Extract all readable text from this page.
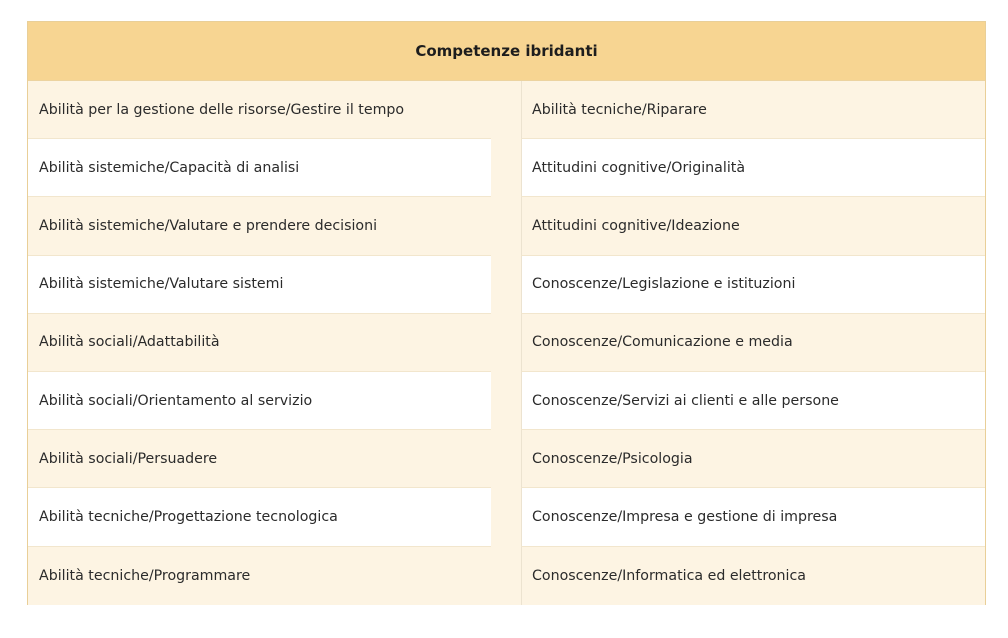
Competenze ibridanti
Abilità per la gestione delle risorse/Gestire il tempo
Abilità sistemiche/Capacità di analisi
Abilità sistemiche/Valutare e prendere decisioni
Abilità sistemiche/Valutare sistemi
Abilità sociali/Adattabilità
Abilità sociali/Orientamento al servizio
Abilità sociali/Persuadere
Abilità tecniche/Progettazione tecnologica
Abilità tecniche/Programmare
Abilità tecniche/Riparare
Attitudini cognitive/Originalità
Attitudini cognitive/Ideazione
Conoscenze/Legislazione e istituzioni
Conoscenze/Comunicazione e media
Conoscenze/Servizi ai clienti e alle persone
Conoscenze/Psicologia
Conoscenze/Impresa e gestione di impresa
Conoscenze/Informatica ed elettronica
